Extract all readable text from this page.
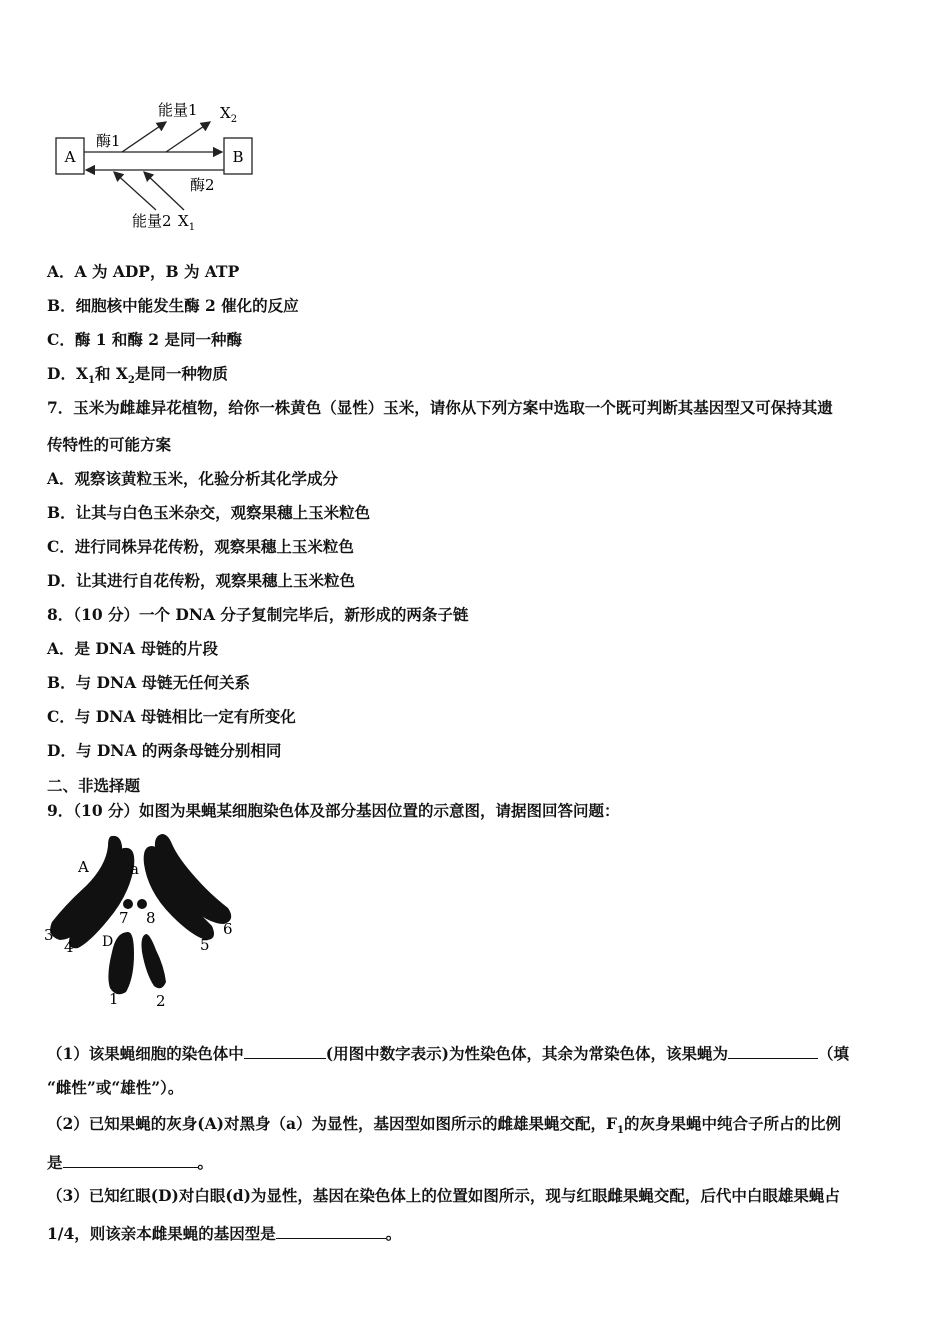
A	B
能量1 $X_2$
酶1
酶2
能量2 $X_1$
A．A 为 ADP，B 为 ATP
B．细胞核中能发生酶 2 催化的反应
C．酶 1 和酶 2 是同一种酶
D．$X_1$和 $X_2$是同一种物质
7．玉米为雌雄异花植物，给你一株黄色（显性）玉米，请你从下列方案中选取一个既可判断其基因型又可保持其遗
传特性的可能方案
A．观察该黄粒玉米，化验分析其化学成分
B．让其与白色玉米杂交，观察果穗上玉米粒色
C．进行同株异花传粉，观察果穗上玉米粒色
D．让其进行自花传粉，观察果穗上玉米粒色
8．（10 分）一个 DNA 分子复制完毕后，新形成的两条子链
A．是 DNA 母链的片段
B．与 DNA 母链无任何关系
C．与 DNA 母链相比一定有所变化
D．与 DNA 的两条母链分别相同
二、非选择题
9．（10 分）如图为果蝇某细胞染色体及部分基因位置的示意图，请据图回答问题：
A	a
D
7 8
3
4	5
6
1 2
（1）该果蝇细胞的染色体中	(用图中数字表示)为性染色体，其余为常染色体，该果蝇为	（填
“雌性”或“雄性”）。
（2）已知果蝇的灰身(A)对黑身（a）为显性，基因型如图所示的雌雄果蝇交配，$F_1$的灰身果蝇中纯合子所占的比例
是	。
（3）已知红眼(D)对白眼(d)为显性，基因在染色体上的位置如图所示，现与红眼雌果蝇交配，后代中白眼雄果蝇占
1/4，则该亲本雌果蝇的基因型是	。
